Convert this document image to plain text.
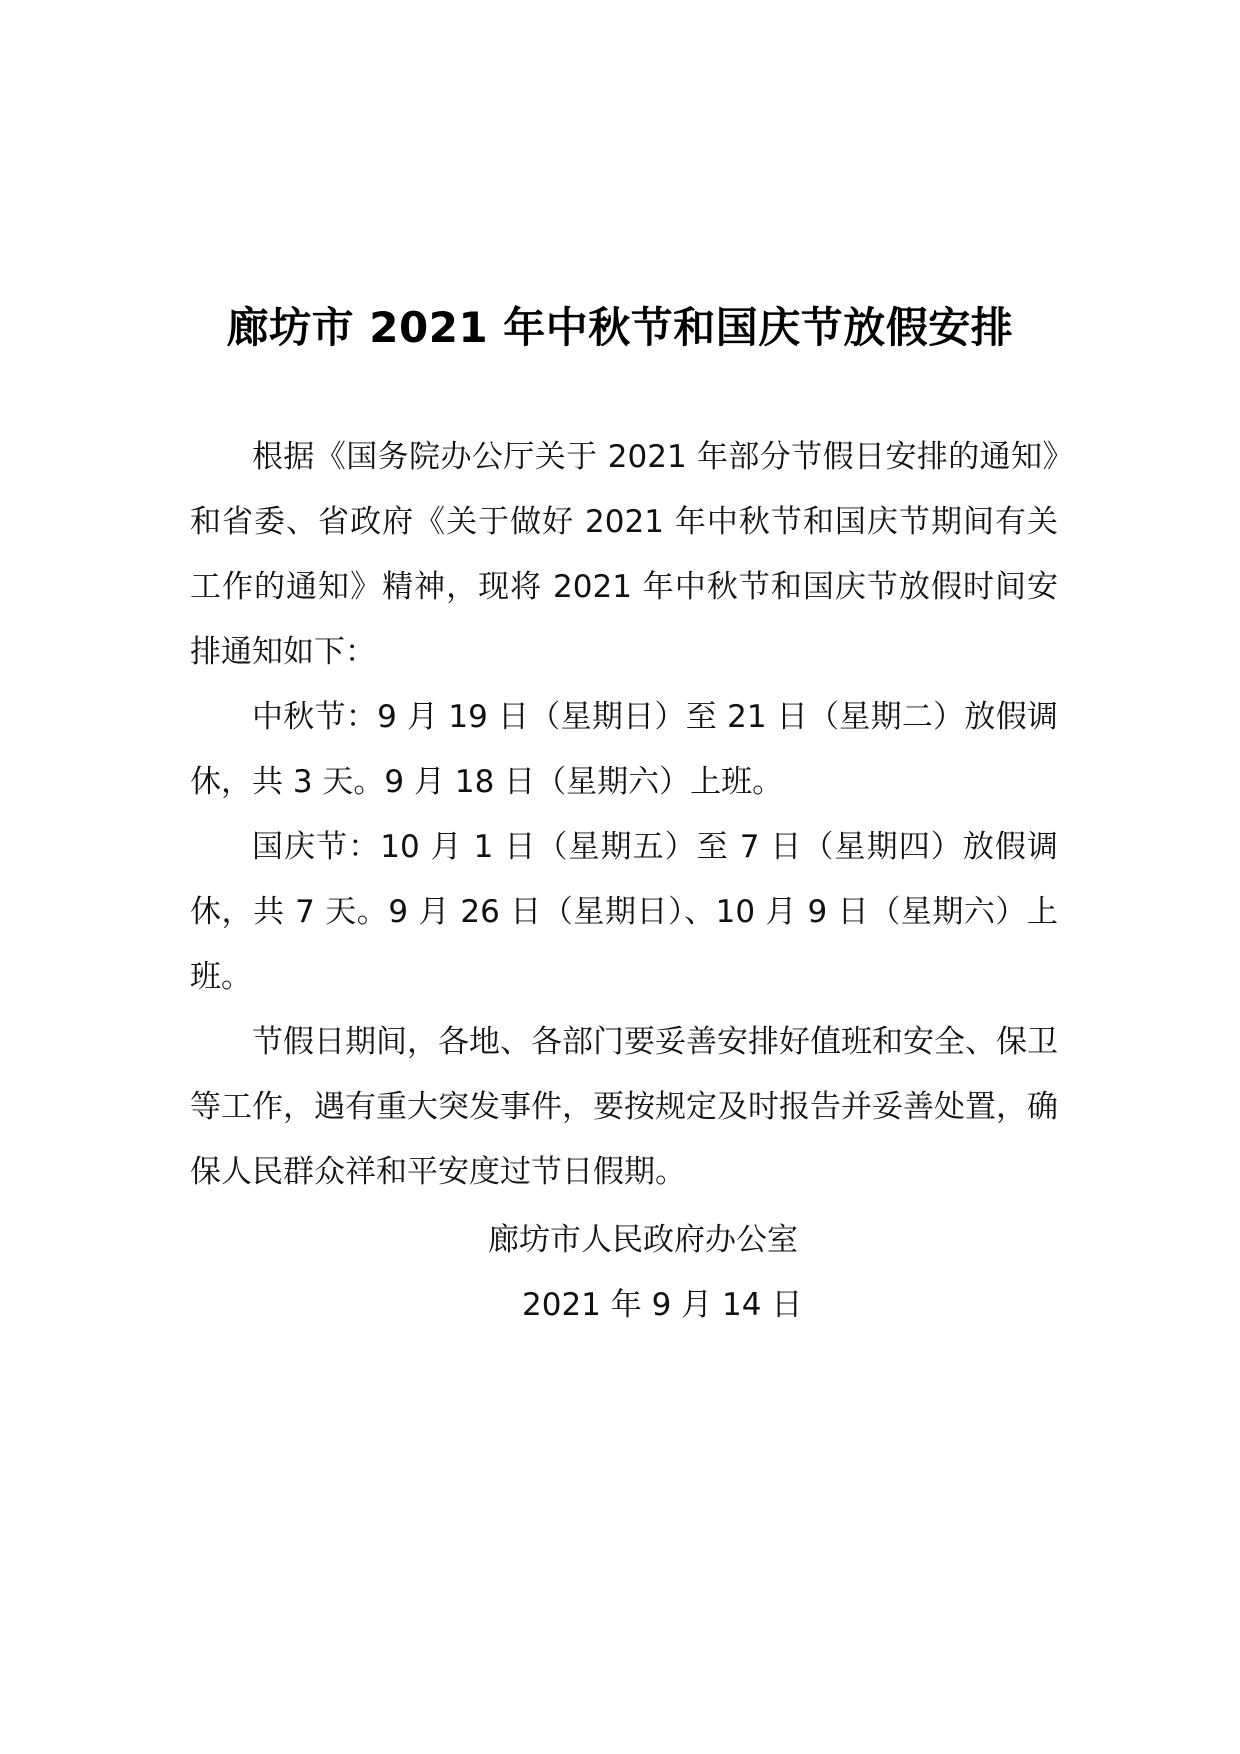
廊坊市 2021 年中秋节和国庆节放假安排

根据《国务院办公厅关于 2021 年部分节假日安排的通知》和省委、省政府《关于做好 2021 年中秋节和国庆节期间有关工作的通知》精神，现将 2021 年中秋节和国庆节放假时间安排通知如下：

中秋节：9 月 19 日（星期日）至 21 日（星期二）放假调休，共 3 天。9 月 18 日（星期六）上班。

国庆节：10 月 1 日（星期五）至 7 日（星期四）放假调休，共 7 天。9 月 26 日（星期日）、10 月 9 日（星期六）上班。

节假日期间，各地、各部门要妥善安排好值班和安全、保卫等工作，遇有重大突发事件，要按规定及时报告并妥善处置，确保人民群众祥和平安度过节日假期。

廊坊市人民政府办公室
2021 年 9 月 14 日
